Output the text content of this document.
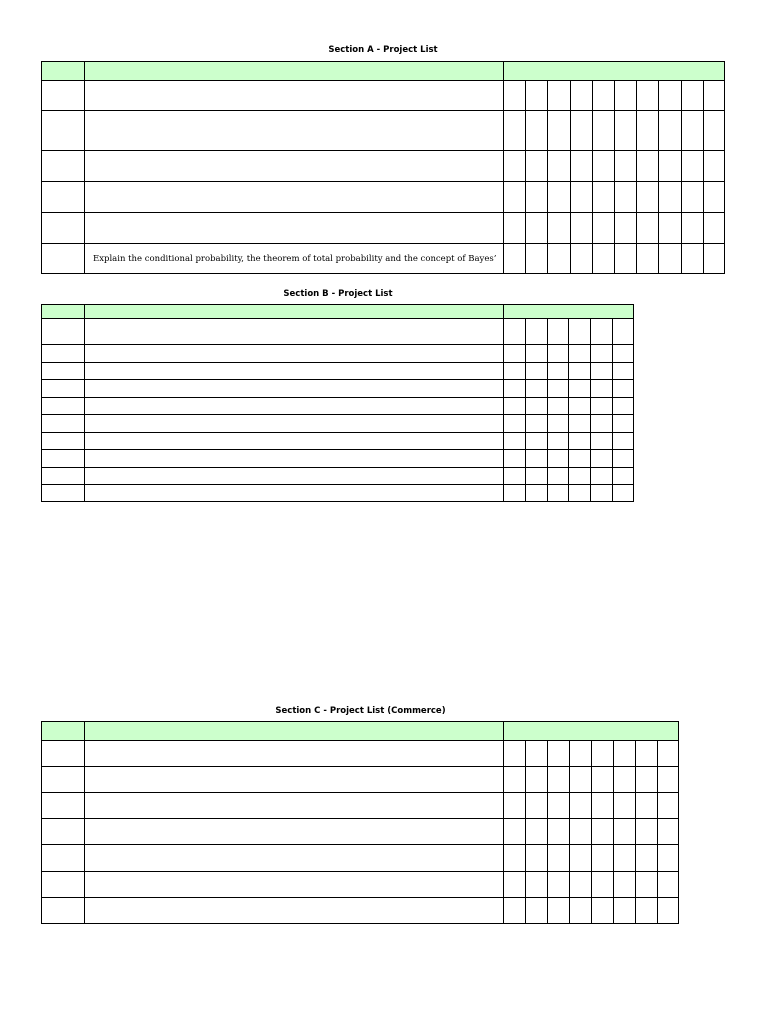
Section A - Project List
Explain the conditional probability, the theorem of total probability and the concept of Bayes’
Section B - Project List
Section C - Project List (Commerce)
